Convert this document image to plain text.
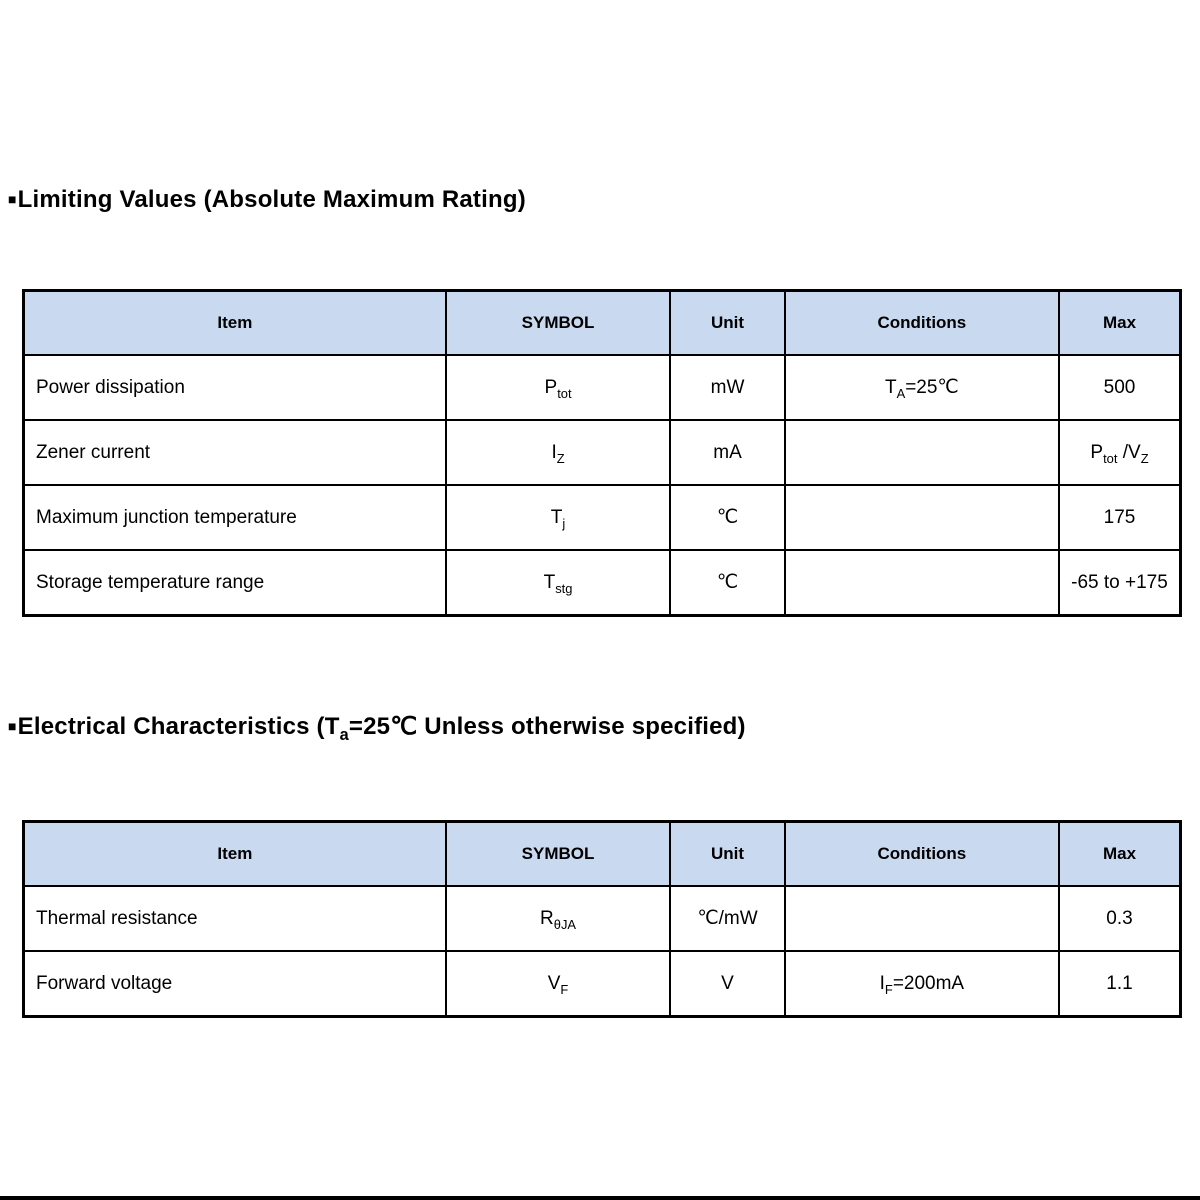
■Limiting Values (Absolute Maximum Rating)
Item	SYMBOL	Unit	Conditions	Max
Power dissipation	$P_{tot}$	mW	$T_A=25℃$	500
Zener current	$I_Z$	mA		$P_{tot}$ $/V_Z$
Maximum junction temperature	$T_j$	℃		175
Storage temperature range	$T_{stg}$	℃		-65 to +175
■Electrical Characteristics ($T_a=25℃$ Unless otherwise specified)
Item	SYMBOL	Unit	Conditions	Max
Thermal resistance	$R_{\theta JA}$	℃/mW		0.3
Forward voltage	$V_F$	V	$I_F=200mA$	1.1
